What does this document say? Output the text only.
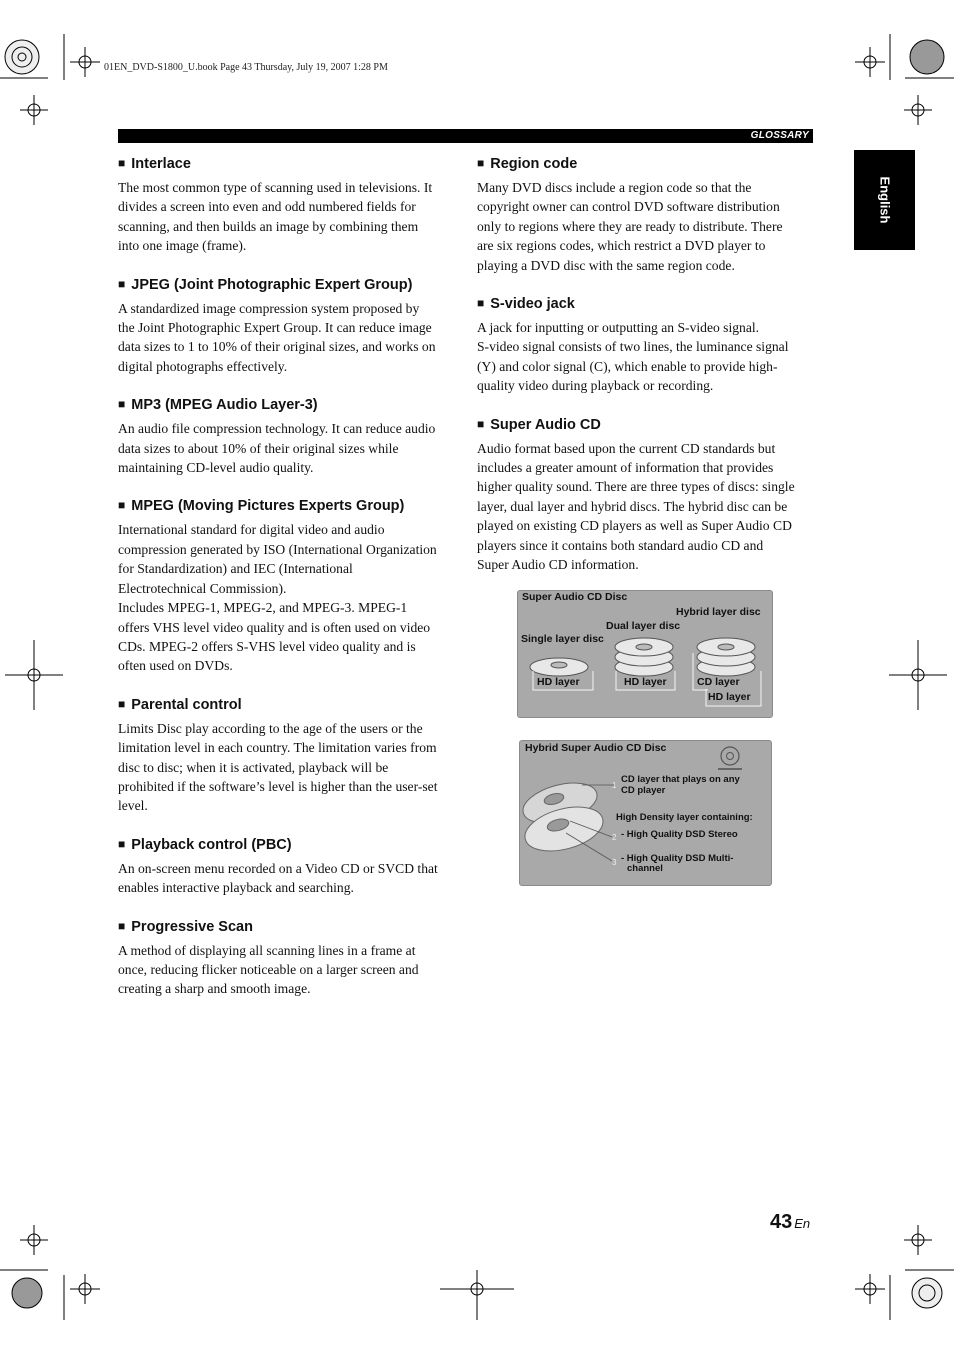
01EN_DVD-S1800_U.book Page 43 Thursday, July 19, 2007 1:28 PM
GLOSSARY
English
■ Interlace

The most common type of scanning used in televisions. It
divides a screen into even and odd numbered fields for
scanning, and then builds an image by combining them
into one image (frame).

■ JPEG (Joint Photographic Expert Group)

A standardized image compression system proposed by
the Joint Photographic Expert Group. It can reduce image
data sizes to 1 to 10% of their original sizes, and works on
digital photographs effectively.

■ MP3 (MPEG Audio Layer-3)

An audio file compression technology. It can reduce audio
data sizes to about 10% of their original sizes while
maintaining CD-level audio quality.

■ MPEG (Moving Pictures Experts Group)

International standard for digital video and audio
compression generated by ISO (International Organization
for Standardization) and IEC (International
Electrotechnical Commission).
Includes MPEG-1, MPEG-2, and MPEG-3. MPEG-1
offers VHS level video quality and is often used on video
CDs. MPEG-2 offers S-VHS level video quality and is
often used on DVDs.

■ Parental control

Limits Disc play according to the age of the users or the
limitation level in each country. The limitation varies from
disc to disc; when it is activated, playback will be
prohibited if the software’s level is higher than the user-set
level.

■ Playback control (PBC)

An on-screen menu recorded on a Video CD or SVCD that
enables interactive playback and searching.

■ Progressive Scan

A method of displaying all scanning lines in a frame at
once, reducing flicker noticeable on a larger screen and
creating a sharp and smooth image.

■ Region code

Many DVD discs include a region code so that the
copyright owner can control DVD software distribution
only to regions where they are ready to distribute. There
are six regions codes, which restrict a DVD player to
playing a DVD disc with the same region code.

■ S-video jack

A jack for inputting or outputting an S-video signal.
S-video signal consists of two lines, the luminance signal
(Y) and color signal (C), which enable to provide high-
quality video during playback or recording.

■ Super Audio CD

Audio format based upon the current CD standards but
includes a greater amount of information that provides
higher quality sound. There are three types of discs: single
layer, dual layer and hybrid discs. The hybrid disc can be
played on existing CD players as well as Super Audio CD
players since it contains both standard audio CD and
Super Audio CD information.

Super Audio CD Disc
Hybrid layer disc
Dual layer disc
Single layer disc
HD layer	HD layer	CD layer
HD layer
Hybrid Super Audio CD Disc
1
2
3
CD layer that plays on any
CD player
High Density layer containing:
- High Quality DSD Stereo
- High Quality DSD Multi-
channel
43 En
